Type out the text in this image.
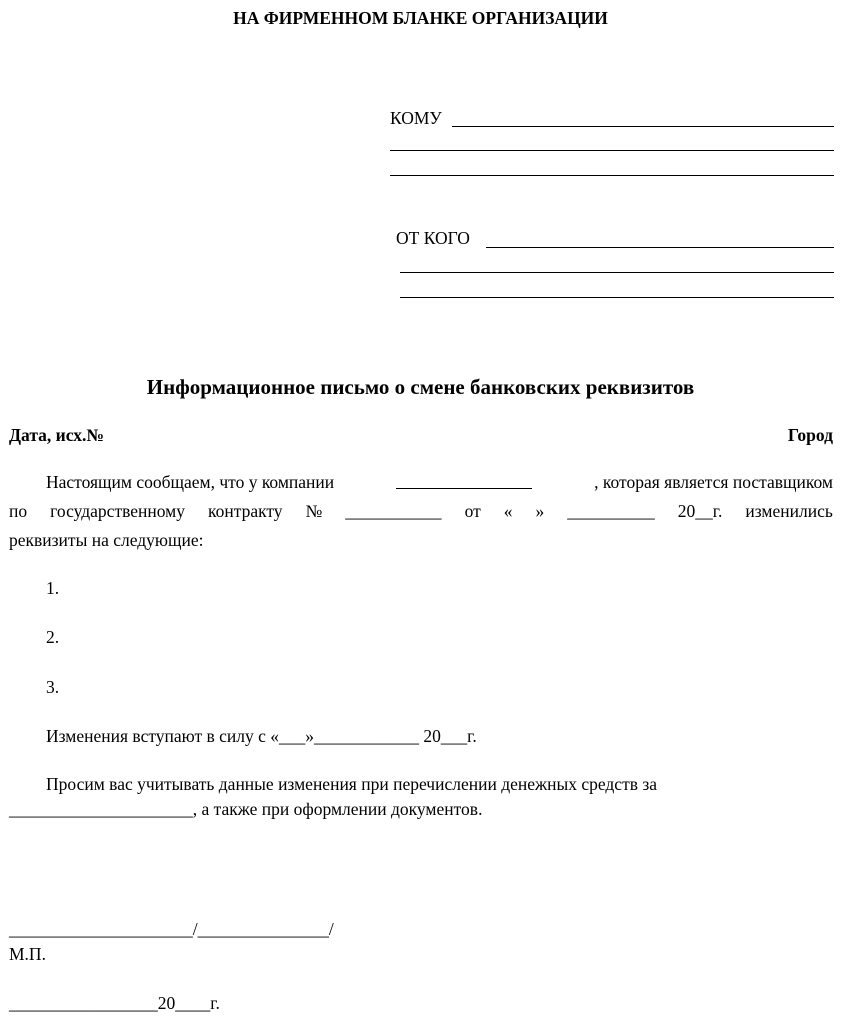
НА ФИРМЕННОМ БЛАНКЕ ОРГАНИЗАЦИИ
КОМУ
ОТ КОГО
Информационное письмо о смене банковских реквизитов
Дата, исх.№	Город
Настоящим сообщаем, что у компании	, которая является поставщиком
по государственному контракту № ___________ от « » __________ 20__г. изменились
реквизиты на следующие:
1.
2.
3.
Изменения вступают в силу с «___»____________ 20___г.
Просим вас учитывать данные изменения при перечислении денежных средств за
_____________________, а также при оформлении документов.
_____________________/_______________/
М.П.
_________________20____г.
